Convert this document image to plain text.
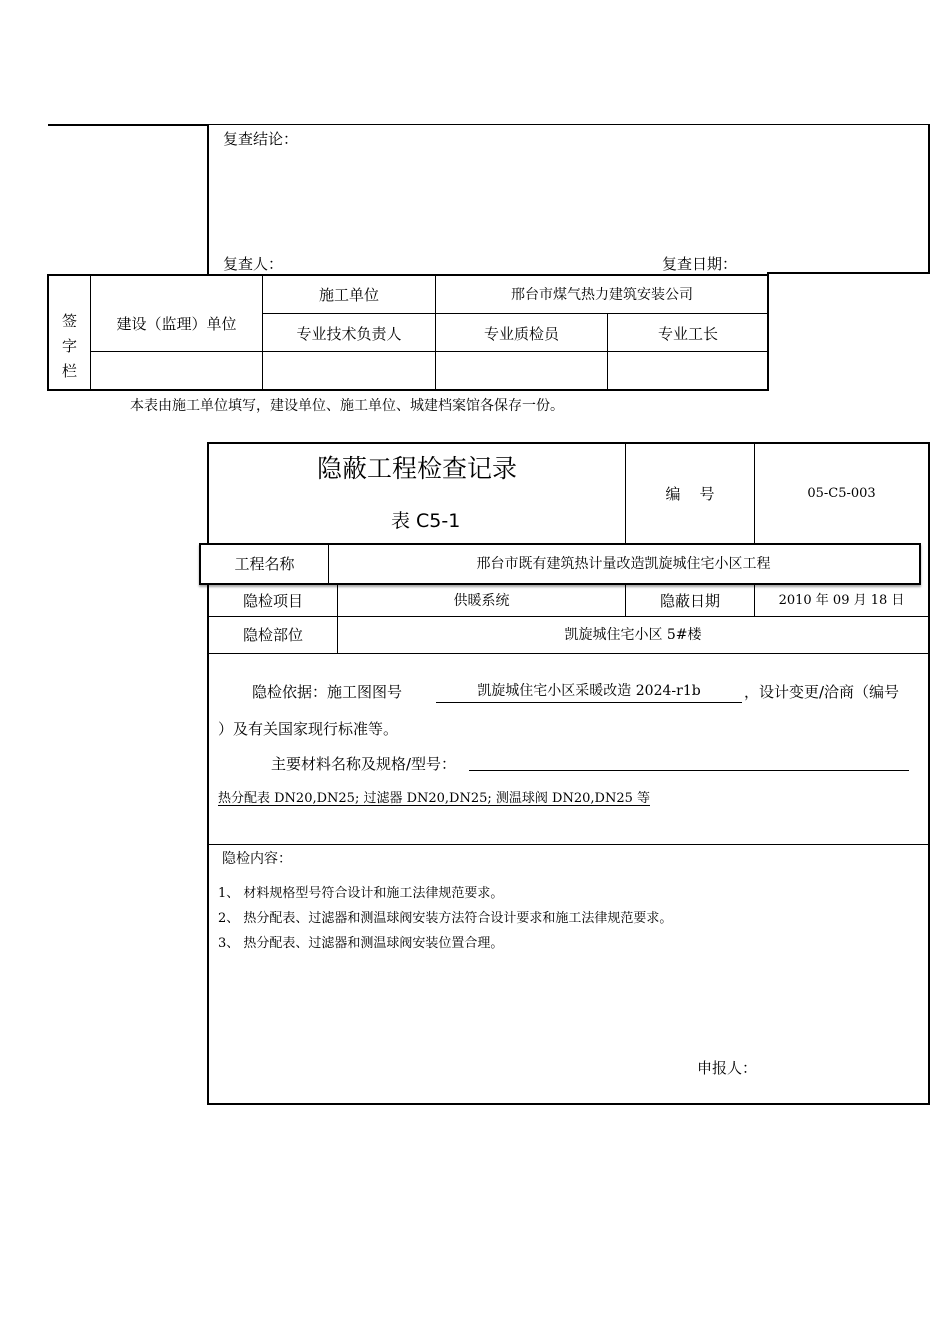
复查结论：
复查人：	复查日期：
签
字
栏
建设（监理）单位
施工单位	邢台市煤气热力建筑安装公司
专业技术负责人	专业质检员	专业工长
本表由施工单位填写，建设单位、施工单位、城建档案馆各保存一份。
隐蔽工程检查记录
表 C5-1
编    号	05-C5-003
工程名称	邢台市既有建筑热计量改造凯旋城住宅小区工程
隐检项目	供暖系统	隐蔽日期	2010 年 09 月 18 日
隐检部位	凯旋城住宅小区 5#楼
隐检依据：施工图图号	凯旋城住宅小区采暖改造 2024-r1b	，设计变更/洽商（编号
）及有关国家现行标准等。
主要材料名称及规格/型号：
热分配表 DN20,DN25; 过滤器 DN20,DN25; 测温球阀 DN20,DN25 等
隐检内容：
1、 材料规格型号符合设计和施工法律规范要求。
2、 热分配表、过滤器和测温球阀安装方法符合设计要求和施工法律规范要求。
3、 热分配表、过滤器和测温球阀安装位置合理。
申报人：
